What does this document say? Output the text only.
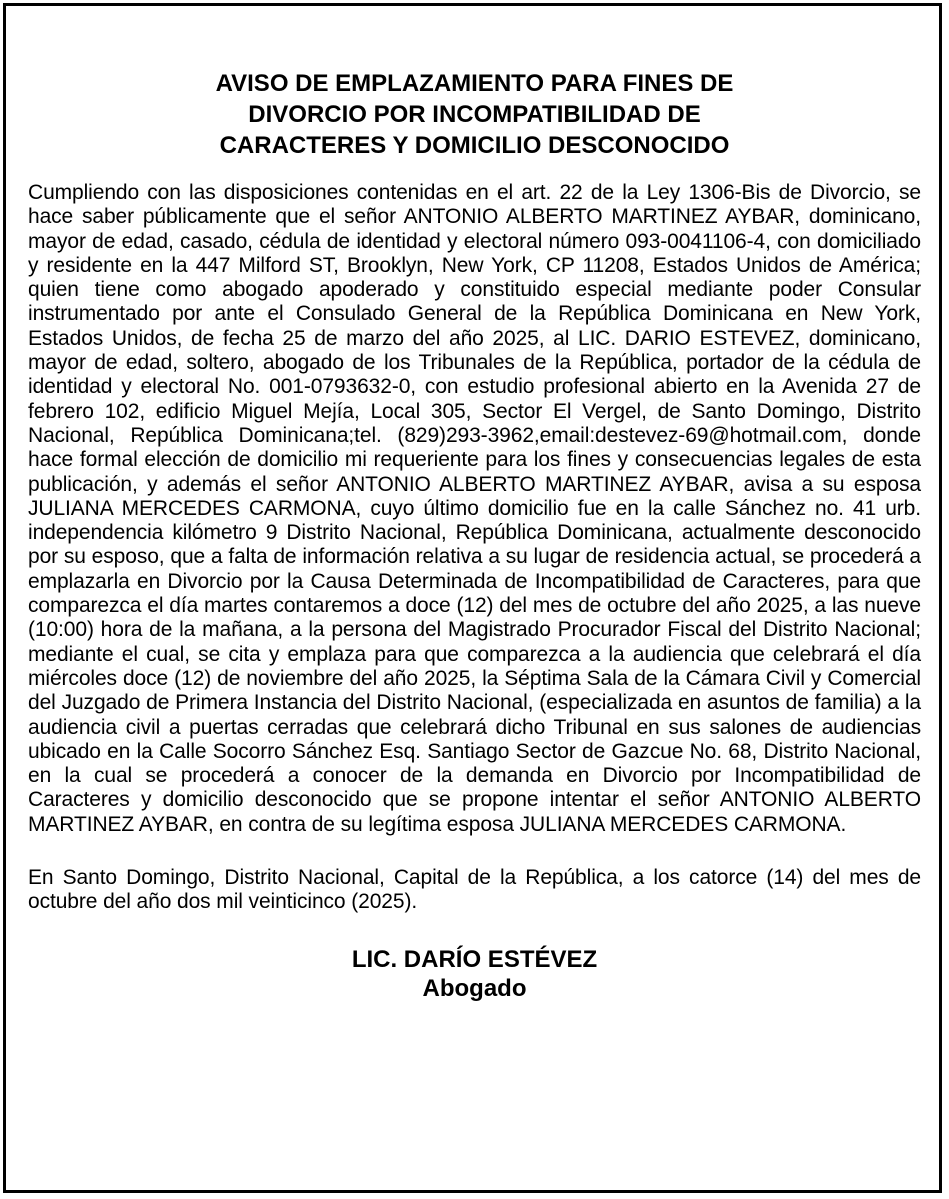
AVISO DE EMPLAZAMIENTO PARA FINES DE
DIVORCIO POR INCOMPATIBILIDAD DE
CARACTERES Y DOMICILIO DESCONOCIDO

Cumpliendo con las disposiciones contenidas en el art. 22 de la Ley 1306-Bis de Divorcio, se hace saber públicamente que el señor ANTONIO ALBERTO MARTINEZ AYBAR, dominicano, mayor de edad, casado, cédula de identidad y electoral número 093-0041106-4, con domiciliado y residente en la 447 Milford ST, Brooklyn, New York, CP 11208, Estados Unidos de América; quien tiene como abogado apoderado y constituido especial mediante poder Consular instrumentado por ante el Consulado General de la República Dominicana en New York, Estados Unidos, de fecha 25 de marzo del año 2025, al LIC. DARIO ESTEVEZ, dominicano, mayor de edad, soltero, abogado de los Tribunales de la República, portador de la cédula de identidad y electoral No. 001-0793632-0, con estudio profesional abierto en la Avenida 27 de febrero 102, edificio Miguel Mejía, Local 305, Sector El Vergel, de Santo Domingo, Distrito Nacional, República Dominicana;tel. (829)293-3962,email:destevez-69@hotmail.com, donde hace formal elección de domicilio mi requeriente para los fines y consecuencias legales de esta publicación, y además el señor ANTONIO ALBERTO MARTINEZ AYBAR, avisa a su esposa JULIANA MERCEDES CARMONA, cuyo último domicilio fue en la calle Sánchez no. 41 urb. independencia kilómetro 9 Distrito Nacional, República Dominicana, actualmente desconocido por su esposo, que a falta de información relativa a su lugar de residencia actual, se procederá a emplazarla en Divorcio por la Causa Determinada de Incompatibilidad de Caracteres, para que comparezca el día martes contaremos a doce (12) del mes de octubre del año 2025, a las nueve (10:00) hora de la mañana, a la persona del Magistrado Procurador Fiscal del Distrito Nacional; mediante el cual, se cita y emplaza para que comparezca a la audiencia que celebrará el día miércoles doce (12) de noviembre del año 2025, la Séptima Sala de la Cámara Civil y Comercial del Juzgado de Primera Instancia del Distrito Nacional, (especializada en asuntos de familia) a la audiencia civil a puertas cerradas que celebrará dicho Tribunal en sus salones de audiencias ubicado en la Calle Socorro Sánchez Esq. Santiago Sector de Gazcue No. 68, Distrito Nacional, en la cual se procederá a conocer de la demanda en Divorcio por Incompatibilidad de Caracteres y domicilio desconocido que se propone intentar el señor ANTONIO ALBERTO MARTINEZ AYBAR, en contra de su legítima esposa JULIANA MERCEDES CARMONA.

En Santo Domingo, Distrito Nacional, Capital de la República, a los catorce (14) del mes de octubre del año dos mil veinticinco (2025).

LIC. DARÍO ESTÉVEZ
Abogado
